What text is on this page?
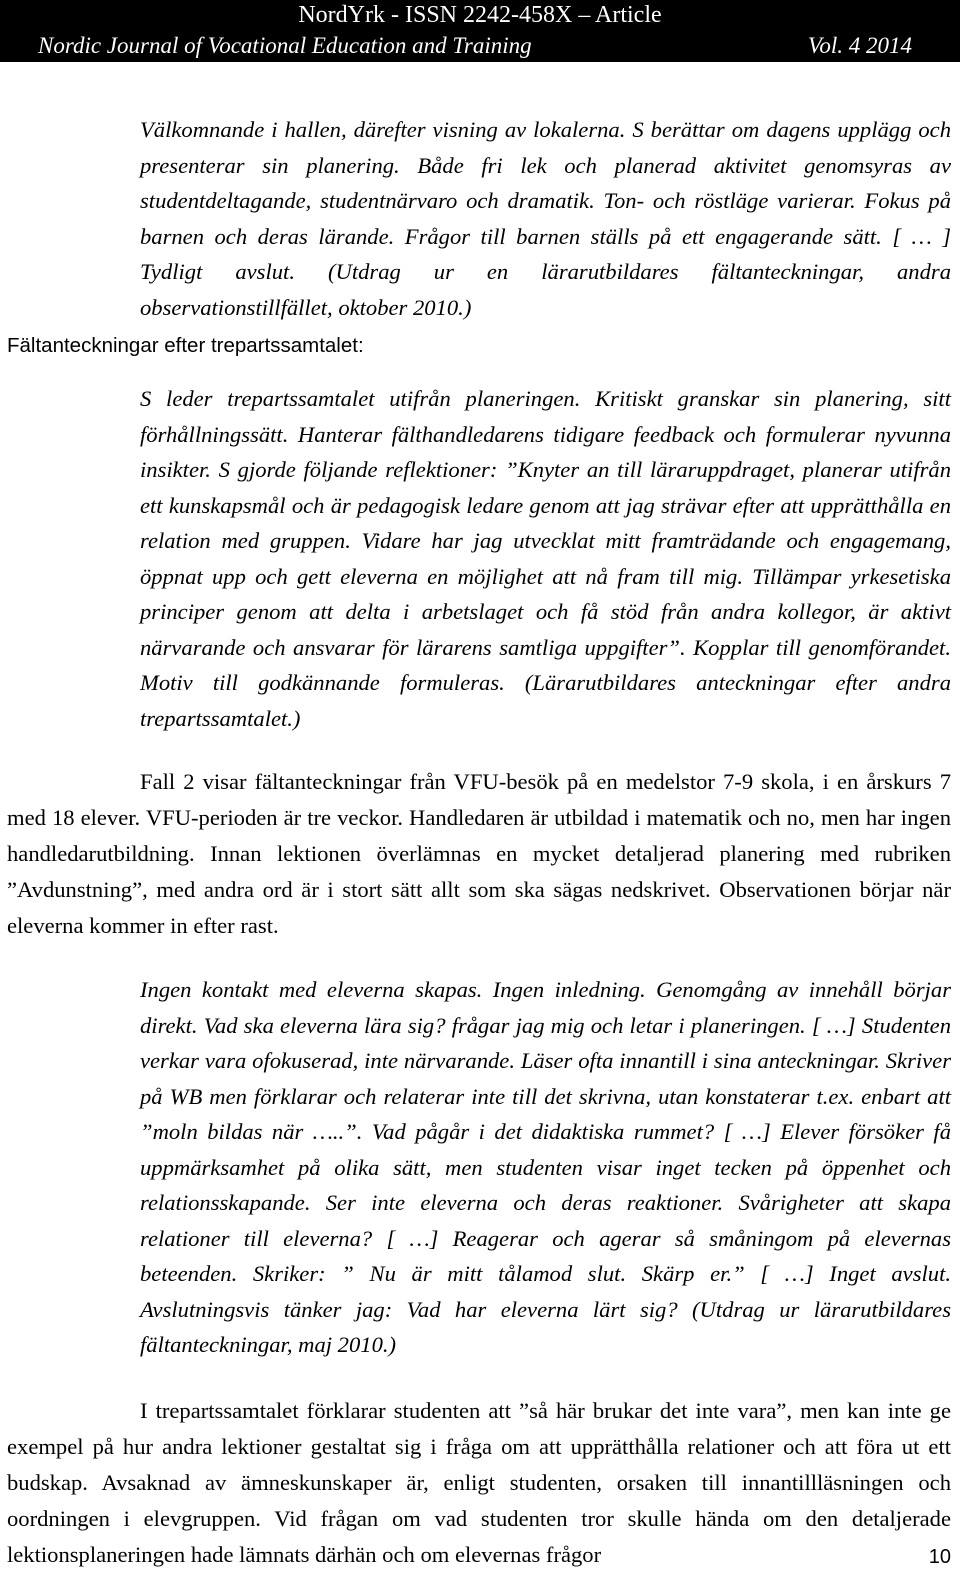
NordYrk - ISSN 2242-458X – Article
Nordic Journal of Vocational Education and Training	Vol. 4 2014

Välkomnande i hallen, därefter visning av lokalerna. S berättar om dagens upplägg och presenterar sin planering. Både fri lek och planerad aktivitet genomsyras av studentdeltagande, studentnärvaro och dramatik. Ton- och röstläge varierar. Fokus på barnen och deras lärande. Frågor till barnen ställs på ett engagerande sätt. [ … ] Tydligt avslut. (Utdrag ur en lärarutbildares fältanteckningar, andra observationstillfället, oktober 2010.)

Fältanteckningar efter trepartssamtalet:

S leder trepartssamtalet utifrån planeringen. Kritiskt granskar sin planering, sitt förhållningssätt. Hanterar fälthandledarens tidigare feedback och formulerar nyvunna insikter. S gjorde följande reflektioner: ”Knyter an till läraruppdraget, planerar utifrån ett kunskapsmål och är pedagogisk ledare genom att jag strävar efter att upprätthålla en relation med gruppen. Vidare har jag utvecklat mitt framträdande och engagemang, öppnat upp och gett eleverna en möjlighet att nå fram till mig. Tillämpar yrkesetiska principer genom att delta i arbetslaget och få stöd från andra kollegor, är aktivt närvarande och ansvarar för lärarens samtliga uppgifter”. Kopplar till genomförandet. Motiv till godkännande formuleras. (Lärarutbildares anteckningar efter andra trepartssamtalet.)

Fall 2 visar fältanteckningar från VFU-besök på en medelstor 7-9 skola, i en årskurs 7 med 18 elever. VFU-perioden är tre veckor. Handledaren är utbildad i matematik och no, men har ingen handledarutbildning. Innan lektionen överlämnas en mycket detaljerad planering med rubriken ”Avdunstning”, med andra ord är i stort sätt allt som ska sägas nedskrivet. Observationen börjar när eleverna kommer in efter rast.

Ingen kontakt med eleverna skapas. Ingen inledning. Genomgång av innehåll börjar direkt. Vad ska eleverna lära sig? frågar jag mig och letar i planeringen. [ …] Studenten verkar vara ofokuserad, inte närvarande. Läser ofta innantill i sina anteckningar. Skriver på WB men förklarar och relaterar inte till det skrivna, utan konstaterar t.ex. enbart att ”moln bildas när …..”. Vad pågår i det didaktiska rummet? [ …] Elever försöker få uppmärksamhet på olika sätt, men studenten visar inget tecken på öppenhet och relationsskapande. Ser inte eleverna och deras reaktioner. Svårigheter att skapa relationer till eleverna? [ …] Reagerar och agerar så småningom på elevernas beteenden. Skriker: ” Nu är mitt tålamod slut. Skärp er.” [ …] Inget avslut. Avslutningsvis tänker jag: Vad har eleverna lärt sig? (Utdrag ur lärarutbildares fältanteckningar, maj 2010.)

I trepartssamtalet förklarar studenten att ”så här brukar det inte vara”, men kan inte ge exempel på hur andra lektioner gestaltat sig i fråga om att upprätthålla relationer och att föra ut ett budskap. Avsaknad av ämneskunskaper är, enligt studenten, orsaken till innantillläsningen och oordningen i elevgruppen. Vid frågan om vad studenten tror skulle hända om den detaljerade lektionsplaneringen hade lämnats därhän och om elevernas frågor	10
